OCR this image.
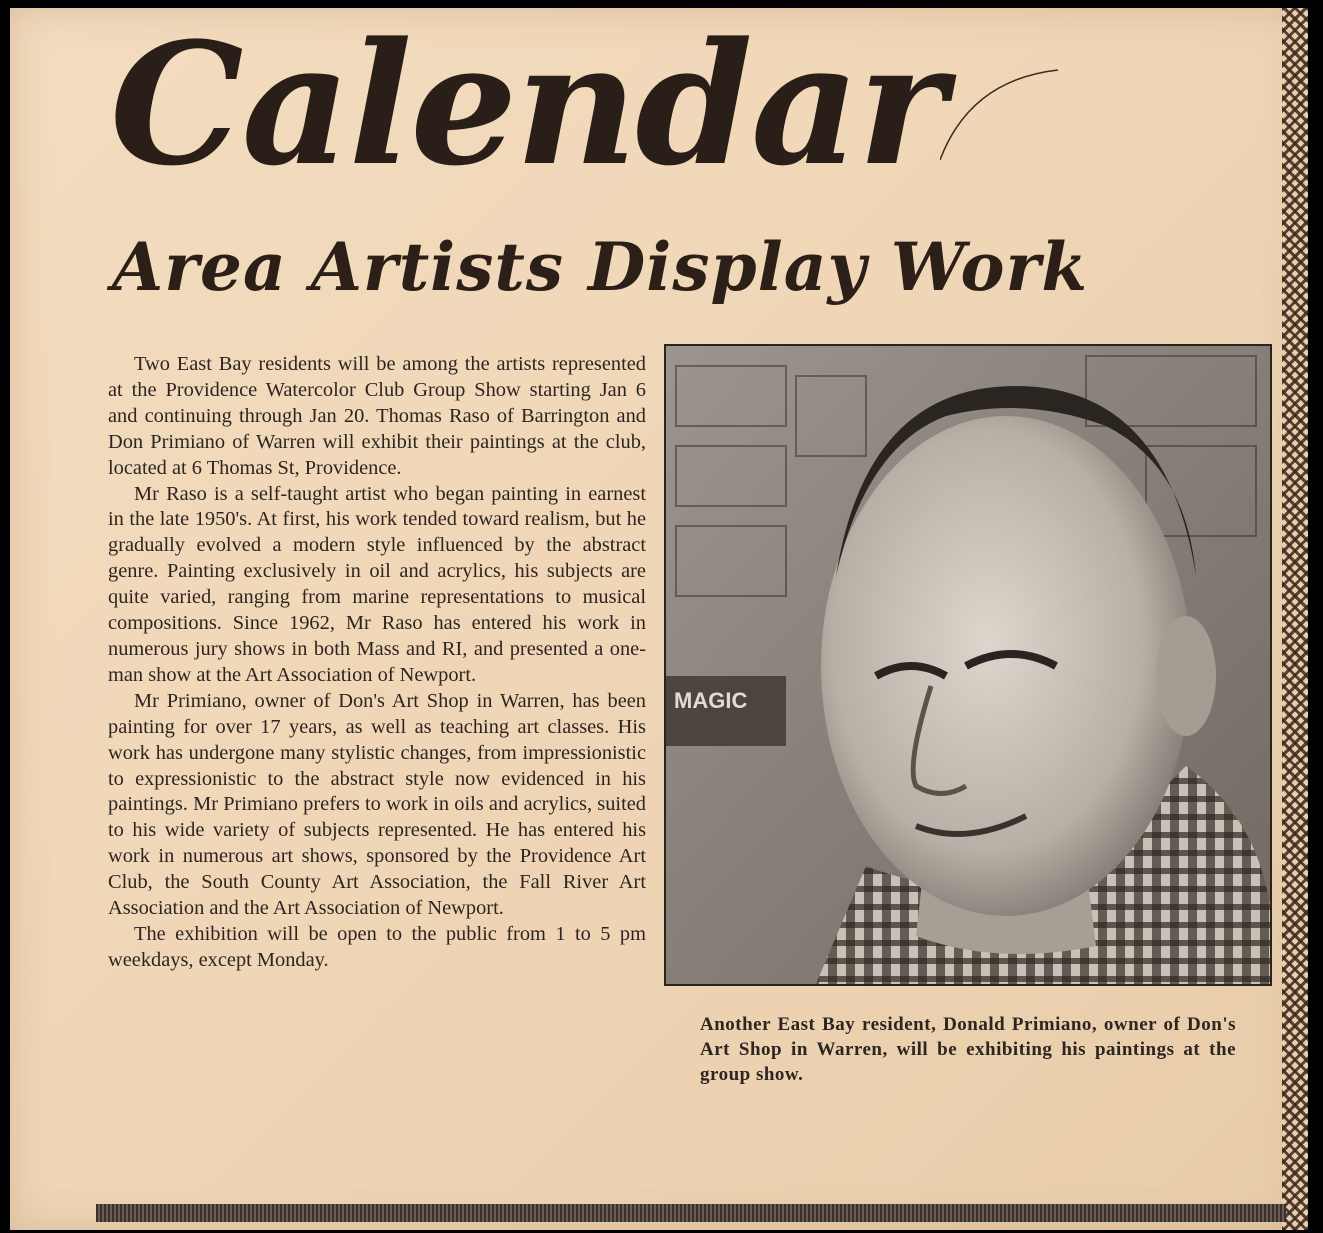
Calendar
Area Artists Display Work

Two East Bay residents will be among the artists represented at the Providence Watercolor Club Group Show starting Jan 6 and continuing through Jan 20. Thomas Raso of Barrington and Don Primiano of Warren will exhibit their paintings at the club, located at 6 Thomas St, Providence.

Mr Raso is a self-taught artist who began painting in earnest in the late 1950's. At first, his work tended toward realism, but he gradually evolved a modern style influenced by the abstract genre. Painting exclusively in oil and acrylics, his subjects are quite varied, ranging from marine representations to musical compositions. Since 1962, Mr Raso has entered his work in numerous jury shows in both Mass and RI, and presented a one-man show at the Art Association of Newport.

Mr Primiano, owner of Don's Art Shop in Warren, has been painting for over 17 years, as well as teaching art classes. His work has undergone many stylistic changes, from impressionistic to expressionistic to the abstract style now evidenced in his paintings. Mr Primiano prefers to work in oils and acrylics, suited to his wide variety of subjects represented. He has entered his work in numerous art shows, sponsored by the Providence Art Club, the South County Art Association, the Fall River Art Association and the Art Association of Newport.

The exhibition will be open to the public from 1 to 5 pm weekdays, except Monday.

MAGIC
Another East Bay resident, Donald Primiano, owner of Don's Art Shop in Warren, will be exhibiting his paintings at the group show.
